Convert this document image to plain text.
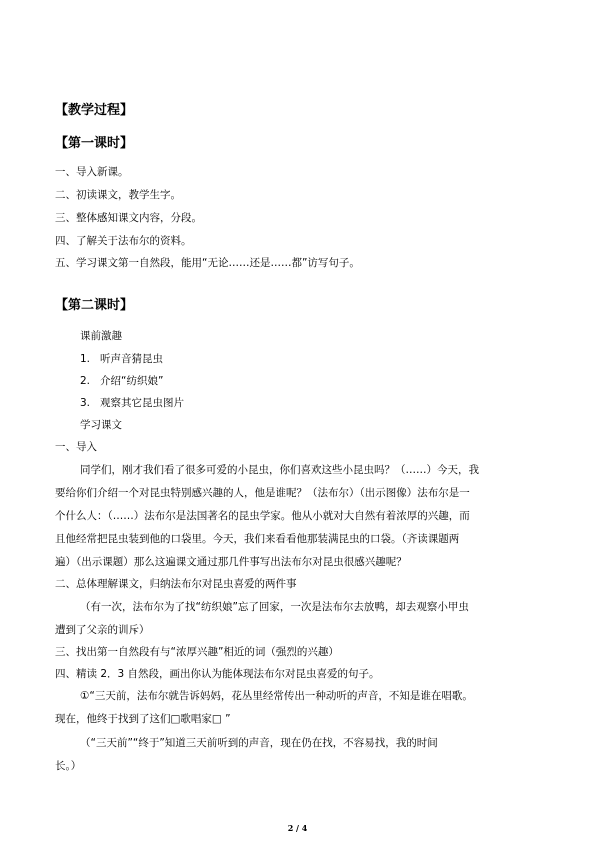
【教学过程】
【第一课时】
一、导入新课。
二、初读课文，教学生字。
三、整体感知课文内容，分段。
四、了解关于法布尔的资料。
五、学习课文第一自然段，能用“无论……还是……都”访写句子。
【第二课时】
课前激趣
1. 听声音猜昆虫
2. 介绍“纺织娘”
3. 观察其它昆虫图片
学习课文
一、导入
同学们，刚才我们看了很多可爱的小昆虫，你们喜欢这些小昆虫吗？（……）今天，我
要给你们介绍一个对昆虫特别感兴趣的人，他是谁呢？（法布尔）（出示图像）法布尔是一
个什么人：（……）法布尔是法国著名的昆虫学家。他从小就对大自然有着浓厚的兴趣，而
且他经常把昆虫装到他的口袋里。今天，我们来看看他那装满昆虫的口袋。（齐读课题两
遍）（出示课题）那么这遍课文通过那几件事写出法布尔对昆虫很感兴趣呢？
二、总体理解课文，归纳法布尔对昆虫喜爱的两件事
（有一次，法布尔为了找“纺织娘”忘了回家，一次是法布尔去放鸭，却去观察小甲虫
遭到了父亲的训斥）
三、找出第一自然段有与“浓厚兴趣”相近的词（强烈的兴趣）
四、精读 2．3 自然段，画出你认为能体现法布尔对昆虫喜爱的句子。
①“三天前，法布尔就告诉妈妈，花丛里经常传出一种动听的声音，不知是谁在唱歌。
现在，他终于找到了这们□歌唱家□ ”
（“三天前”“终于”知道三天前听到的声音，现在仍在找，不容易找，我的时间
长。）
2 / 4
